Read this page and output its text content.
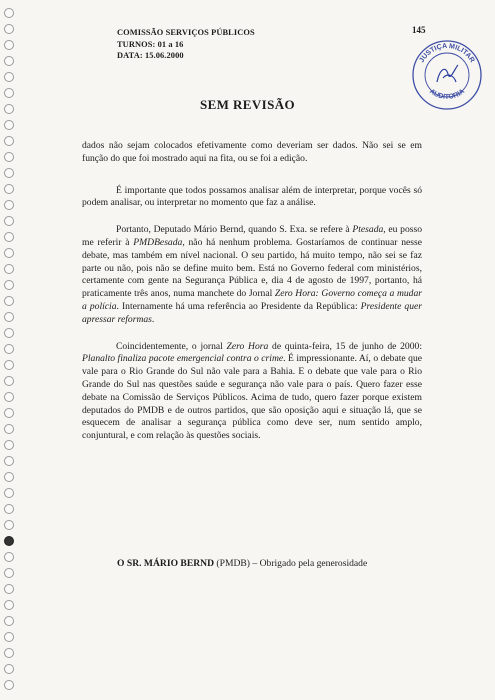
COMISSÃO SERVIÇOS PÚBLICOS
TURNOS: 01 a 16
DATA: 15.06.2000
145
JUSTIÇA MILITAR
AUDITORIA
SEM REVISÃO

dados não sejam colocados efetivamente como deveriam ser dados. Não sei se em função do que foi mostrado aqui na fita, ou se foi a edição.

É importante que todos possamos analisar além de interpretar, porque vocês só podem analisar, ou interpretar no momento que faz a análise.

Portanto, Deputado Mário Bernd, quando S. Exa. se refere à Ptesada, eu posso me referir à PMDBesada, não há nenhum problema. Gostaríamos de continuar nesse debate, mas também em nível nacional. O seu partido, há muito tempo, não sei se faz parte ou não, pois não se define muito bem. Está no Governo federal com ministérios, certamente com gente na Segurança Pública e, dia 4 de agosto de 1997, portanto, há praticamente três anos, numa manchete do Jornal Zero Hora: Governo começa a mudar a polícia. Internamente há uma referência ao Presidente da República: Presidente quer apressar reformas.

Coincidentemente, o jornal Zero Hora de quinta-feira, 15 de junho de 2000: Planalto finaliza pacote emergencial contra o crime. É impressionante. Aí, o debate que vale para o Rio Grande do Sul não vale para a Bahia. E o debate que vale para o Rio Grande do Sul nas questões saúde e segurança não vale para o país. Quero fazer esse debate na Comissão de Serviços Públicos. Acima de tudo, quero fazer porque existem deputados do PMDB e de outros partidos, que são oposição aqui e situação lá, que se esquecem de analisar a segurança pública como deve ser, num sentido amplo, conjuntural, e com relação às questões sociais.

O SR. MÁRIO BERND (PMDB) – Obrigado pela generosidade
